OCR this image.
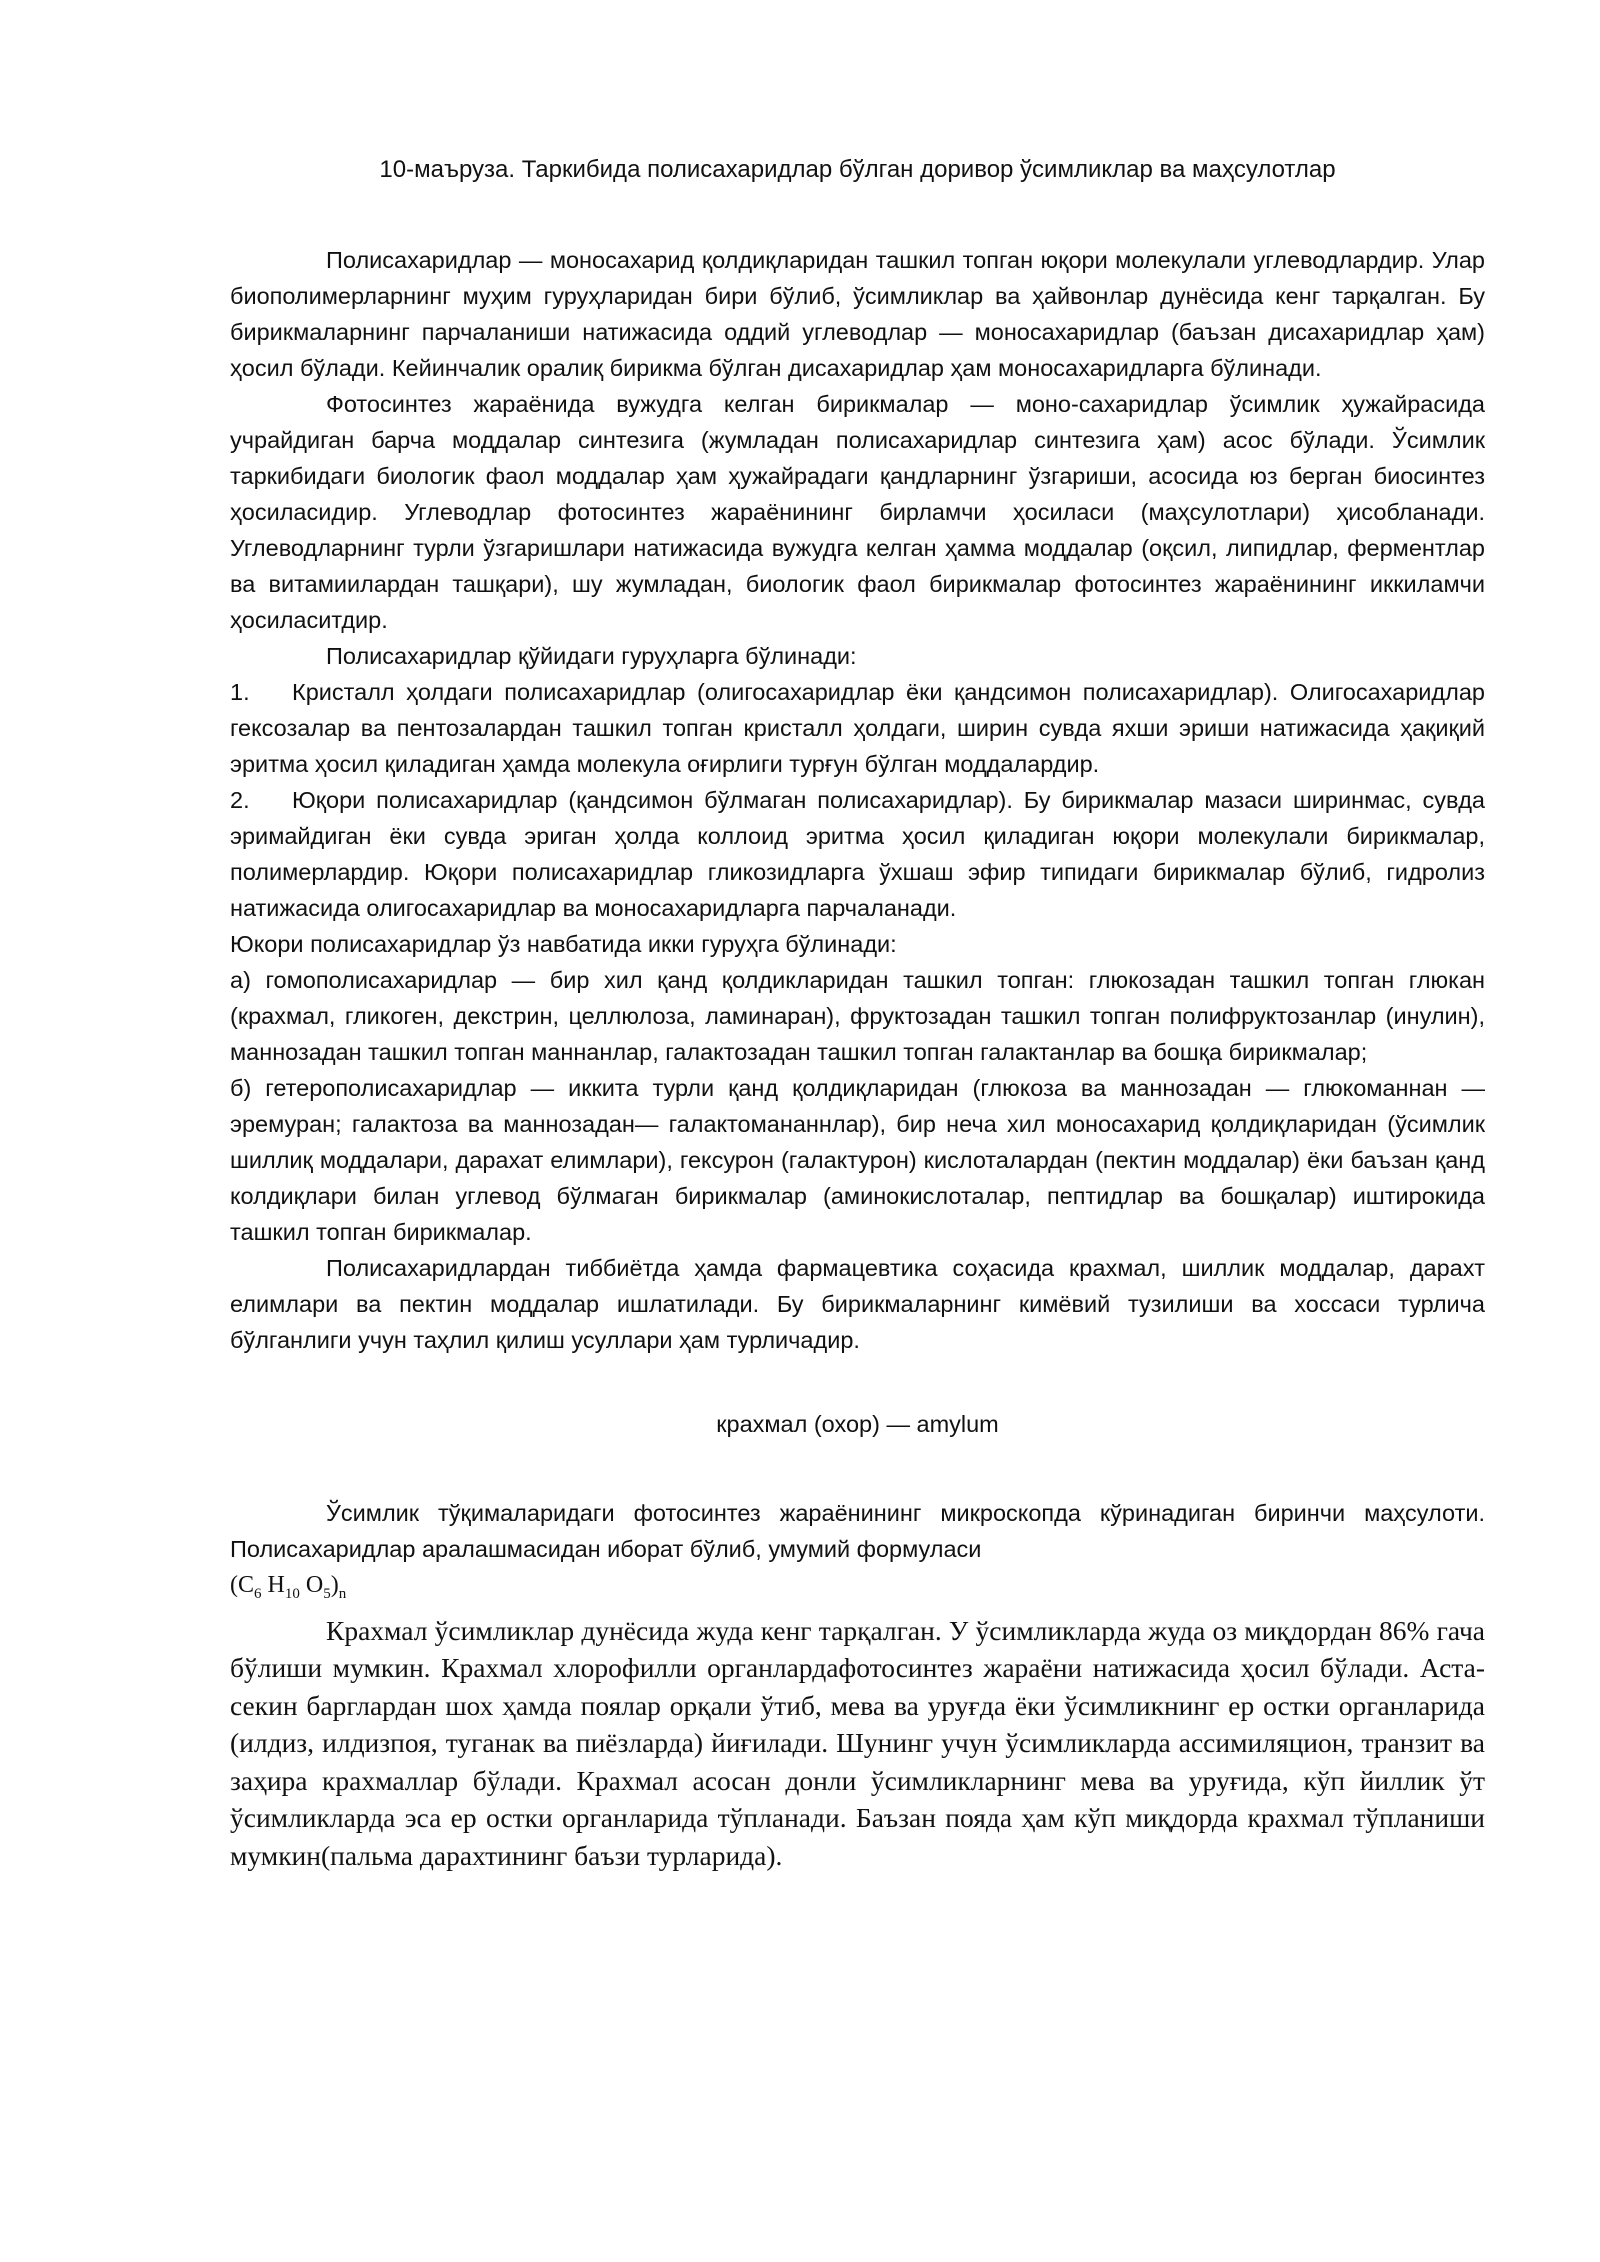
10-маъруза. Таркибида полисахаридлар бўлган доривор ўсимликлар ва маҳсулотлар

Полисахаридлар — моносахарид қолдиқларидан ташкил топган юқори молекулали углеводлардир. Улар биополимерларнинг муҳим гуруҳларидан бири бўлиб, ўсимликлар ва ҳайвонлар дунёсида кенг тарқалган. Бу бирикмаларнинг парчаланиши натижасида оддий углеводлар — моносахаридлар (баъзан дисахаридлар ҳам) ҳосил бўлади. Кейинчалик оралиқ бирикма бўлган дисахаридлар ҳам моносахаридларга бўлинади.

Фотосинтез жараёнида вужудга келган бирикмалар — моно-сахаридлар ўсимлик ҳужайрасида учрайдиган барча моддалар синтезига (жумладан полисахаридлар синтезига ҳам) асос бўлади. Ўсимлик таркибидаги биологик фаол моддалар ҳам ҳужайрадаги қандларнинг ўзгариши, асосида юз берган биосинтез ҳосиласидир. Углеводлар фотосинтез жараёнининг бирламчи ҳосиласи (маҳсулотлари) ҳисобланади. Углеводларнинг турли ўзгаришлари натижасида вужудга келган ҳамма моддалар (оқсил, липидлар, ферментлар ва витамиилардан ташқари), шу жумладан, биологик фаол бирикмалар фотосинтез жараёнининг иккиламчи ҳосиласитдир.

Полисахаридлар қўйидаги гуруҳларга бўлинади:

1. Кристалл ҳолдаги полисахаридлар (олигосахаридлар ёки қандсимон полисахаридлар). Олигосахаридлар гексозалар ва пентозалардан ташкил топган кристалл ҳолдаги, ширин сувда яхши эриши натижасида ҳақиқий эритма ҳосил қиладиган ҳамда молекула оғирлиги турғун бўлган моддалардир.

2. Юқори полисахаридлар (қандсимон бўлмаган полисахаридлар). Бу бирикмалар мазаси ширинмас, сувда эримайдиган ёки сувда эриган ҳолда коллоид эритма ҳосил қиладиган юқори молекулали бирикмалар, полимерлардир. Юқори полисахаридлар гликозидларга ўхшаш эфир типидаги бирикмалар бўлиб, гидролиз натижасида олигосахаридлар ва моносахаридларга парчаланади.

Юкори полисахаридлар ўз навбатида икки гуруҳга бўлинади:

а) гомополисахаридлар — бир хил қанд қолдикларидан ташкил топган: глюкозадан ташкил топган глюкан (крахмал, гликоген, декстрин, целлюлоза, ламинаран), фруктозадан ташкил топган полифруктозанлар (инулин), маннозадан ташкил топган маннанлар, галактозадан ташкил топган галактанлар ва бошқа бирикмалар;

б) гетерополисахаридлар — иккита турли қанд қолдиқларидан (глюкоза ва маннозадан — глюкоманнан — эремуран; галактоза ва маннозадан— галактомананнлар), бир неча хил моносахарид қолдиқларидан (ўсимлик шиллиқ моддалари, дарахат елимлари), гексурон (галактурон) кислоталардан (пектин моддалар) ёки баъзан қанд колдиқлари билан углевод бўлмаган бирикмалар (аминокислоталар, пептидлар ва бошқалар) иштирокида ташкил топган бирикмалар.

Полисахаридлардан тиббиётда ҳамда фармацевтика соҳасида крахмал, шиллик моддалар, дарахт елимлари ва пектин моддалар ишлатилади. Бу бирикмаларнинг кимёвий тузилиши ва хоссаси турлича бўлганлиги учун таҳлил қилиш усуллари ҳам турличадир.

крахмал (охор) — amylum

Ўсимлик тўқималаридаги фотосинтез жараёнининг микроскопда кўринадиган биринчи маҳсулоти. Полисахаридлар аралашмасидан иборат бўлиб, умумий формуласи

($C_6$ $H_{10}$ $O_5)_n$

Крахмал ўсимликлар дунёсида жуда кенг тарқалган. У ўсимликларда жуда оз миқдордан 86% гача бўлиши мумкин. Крахмал хлорофилли органлардафотосинтез жараёни натижасида ҳосил бўлади. Аста-секин барглардан шох ҳамда поялар орқали ўтиб, мева ва уруғда ёки ўсимликнинг ер остки органларида (илдиз, илдизпоя, туганак ва пиёзларда) йиғилади. Шунинг учун ўсимликларда ассимиляцион, транзит ва заҳира крахмаллар бўлади. Крахмал асосан донли ўсимликларнинг мева ва уруғида, кўп йиллик ўт ўсимликларда эса ер остки органларида тўпланади. Баъзан пояда ҳам кўп миқдорда крахмал тўпланиши мумкин(пальма дарахтининг баъзи турларида).
